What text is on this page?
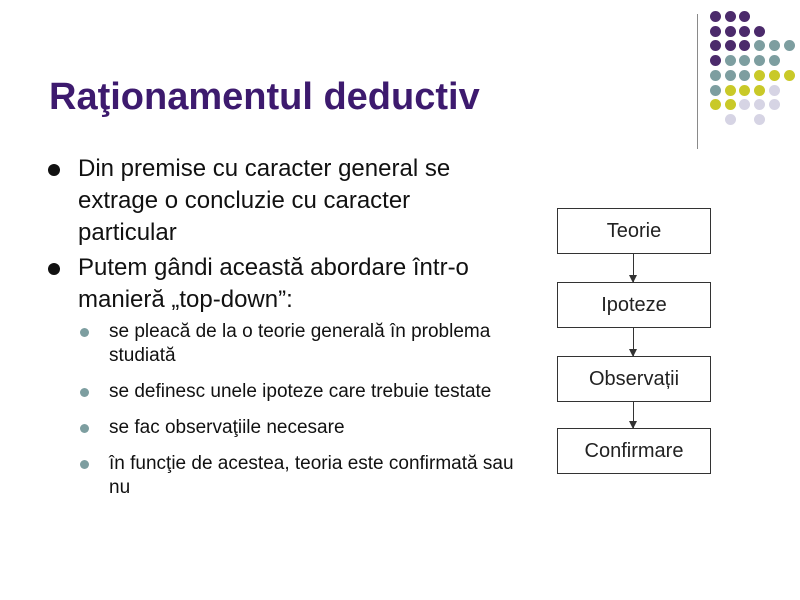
Raţionamentul deductiv
Din premise cu caracter general se extrage o concluzie cu caracter particular
Putem gândi această abordare într-o manieră „top-down”:
se pleacă de la o teorie generală în problema studiată
se definesc unele ipoteze care trebuie testate
se fac observaţiile necesare
în funcţie de acestea, teoria este confirmată sau nu
Teorie
Ipoteze
Observații
Confirmare
